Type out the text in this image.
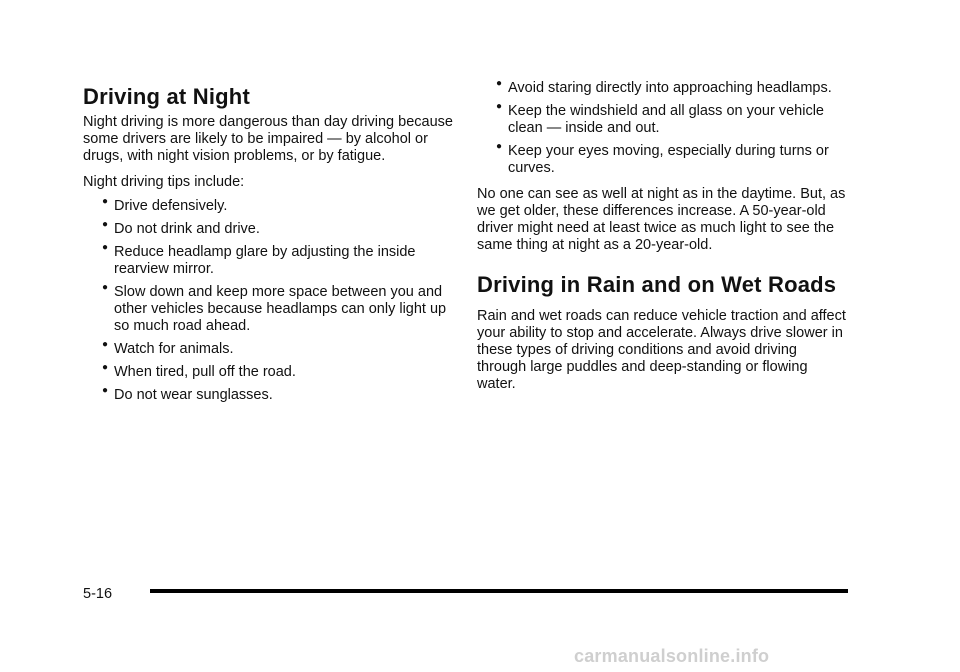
Driving at Night

Night driving is more dangerous than day driving because some drivers are likely to be impaired — by alcohol or drugs, with night vision problems, or by fatigue.

Night driving tips include:

● Drive defensively.
● Do not drink and drive.
● Reduce headlamp glare by adjusting the inside rearview mirror.
● Slow down and keep more space between you and other vehicles because headlamps can only light up so much road ahead.
● Watch for animals.
● When tired, pull off the road.
● Do not wear sunglasses.
● Avoid staring directly into approaching headlamps.
● Keep the windshield and all glass on your vehicle clean — inside and out.
● Keep your eyes moving, especially during turns or curves.

No one can see as well at night as in the daytime. But, as we get older, these differences increase. A 50-year-old driver might need at least twice as much light to see the same thing at night as a 20-year-old.

Driving in Rain and on Wet Roads

Rain and wet roads can reduce vehicle traction and affect your ability to stop and accelerate. Always drive slower in these types of driving conditions and avoid driving through large puddles and deep-standing or flowing water.

5-16
carmanualsonline.info
